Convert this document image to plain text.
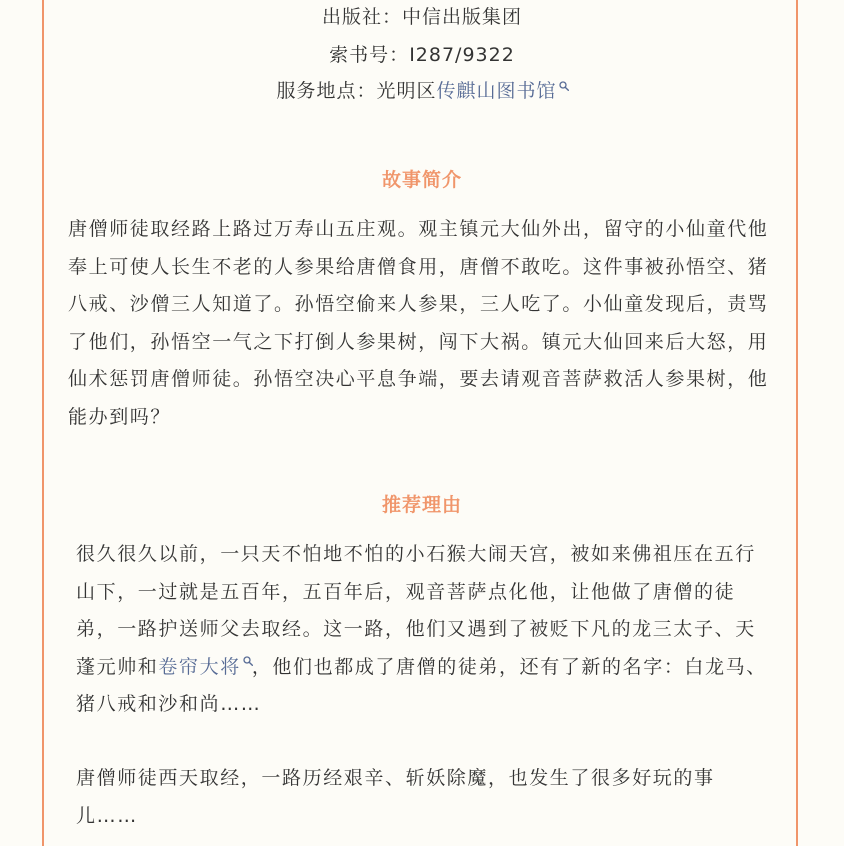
出版社：中信出版集团
索书号：I287/9322
服务地点：光明区传麒山图书馆
故事简介

唐僧师徒取经路上路过万寿山五庄观。观主镇元大仙外出，留守的小仙童代他奉上可使人长生不老的人参果给唐僧食用，唐僧不敢吃。这件事被孙悟空、猪八戒、沙僧三人知道了。孙悟空偷来人参果，三人吃了。小仙童发现后，责骂了他们，孙悟空一气之下打倒人参果树，闯下大祸。镇元大仙回来后大怒，用仙术惩罚唐僧师徒。孙悟空决心平息争端，要去请观音菩萨救活人参果树，他能办到吗？

推荐理由

很久很久以前，一只天不怕地不怕的小石猴大闹天宫，被如来佛祖压在五行山下，一过就是五百年，五百年后，观音菩萨点化他，让他做了唐僧的徒弟，一路护送师父去取经。这一路，他们又遇到了被贬下凡的龙三太子、天蓬元帅和卷帘大将 ，他们也都成了唐僧的徒弟，还有了新的名字：白龙马、猪八戒和沙和尚……

唐僧师徒西天取经，一路历经艰辛、斩妖除魔，也发生了很多好玩的事儿……
